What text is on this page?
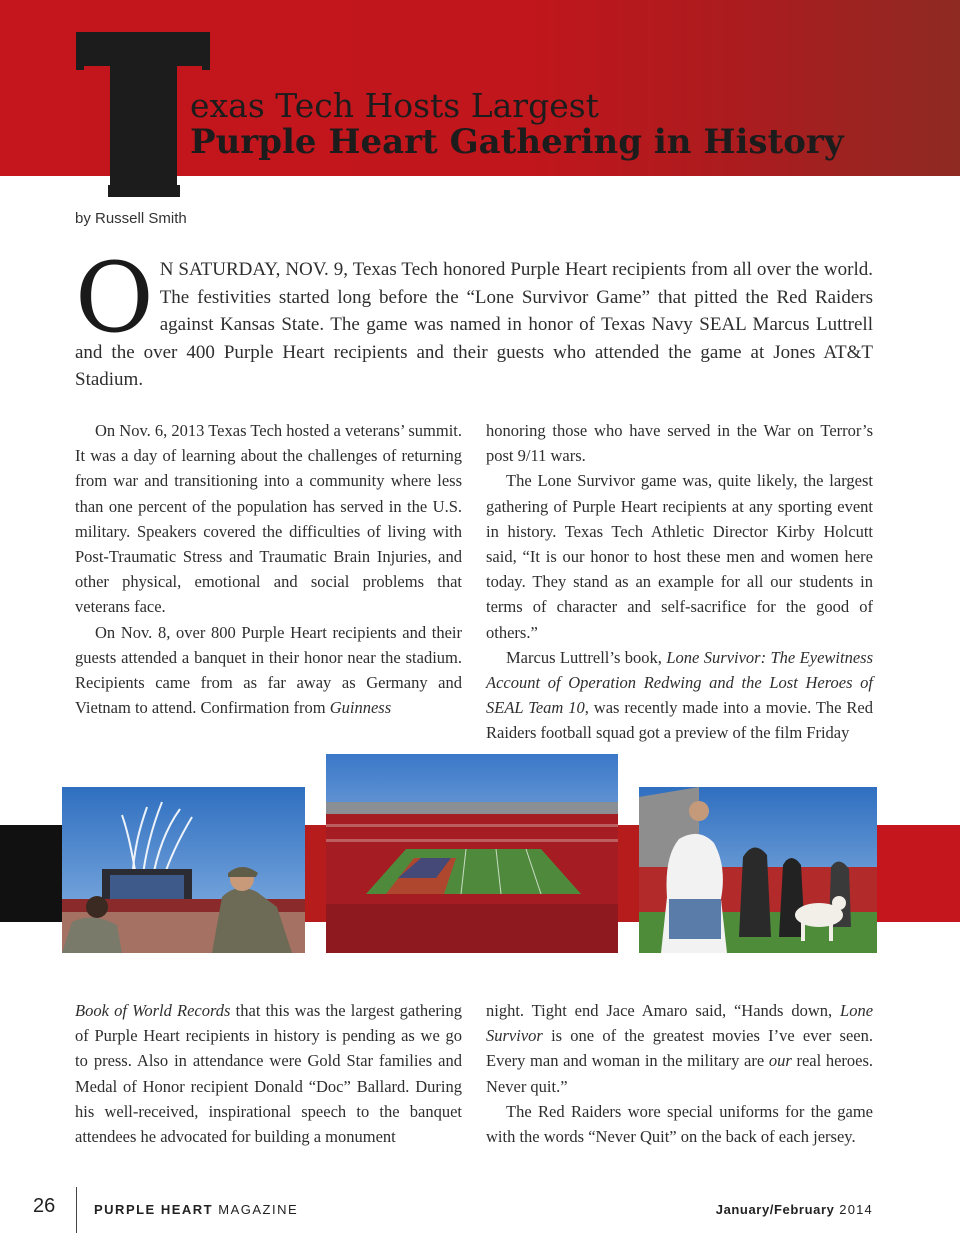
exas Tech Hosts Largest
Purple Heart Gathering in History
by Russell Smith
O N SATURDAY, NOV. 9, Texas Tech honored Purple Heart recipients from all over the world. The festivities started long before the “Lone Survivor Game” that pitted the Red Raiders against Kansas State. The game was named in honor of Texas Navy SEAL Marcus Luttrell and the over 400 Purple Heart recipients and their guests who attended the game at Jones AT&T Stadium.

On Nov. 6, 2013 Texas Tech hosted a veterans’ summit. It was a day of learning about the challenges of returning from war and transitioning into a community where less than one percent of the population has served in the U.S. military. Speakers covered the difficulties of living with Post-Traumatic Stress and Traumatic Brain Injuries, and other physical, emotional and social problems that veterans face.

On Nov. 8, over 800 Purple Heart recipients and their guests attended a banquet in their honor near the stadium. Recipients came from as far away as Germany and Vietnam to attend. Confirmation from Guinness

honoring those who have served in the War on Terror’s post 9/11 wars.

The Lone Survivor game was, quite likely, the largest gathering of Purple Heart recipients at any sporting event in history. Texas Tech Athletic Director Kirby Holcutt said, “It is our honor to host these men and women here today. They stand as an example for all our students in terms of character and self-sacrifice for the good of others.”

Marcus Luttrell’s book, Lone Survivor: The Eyewitness Account of Operation Redwing and the Lost Heroes of SEAL Team 10, was recently made into a movie. The Red Raiders football squad got a preview of the film Friday

Book of World Records that this was the largest gathering of Purple Heart recipients in history is pending as we go to press. Also in attendance were Gold Star families and Medal of Honor recipient Donald “Doc” Ballard. During his well-received, inspirational speech to the banquet attendees he advocated for building a monument

night. Tight end Jace Amaro said, “Hands down, Lone Survivor is one of the greatest movies I’ve ever seen. Every man and woman in the military are our real heroes. Never quit.”

The Red Raiders wore special uniforms for the game with the words “Never Quit” on the back of each jersey.

26	PURPLE HEART MAGAZINE	January/February 2014
